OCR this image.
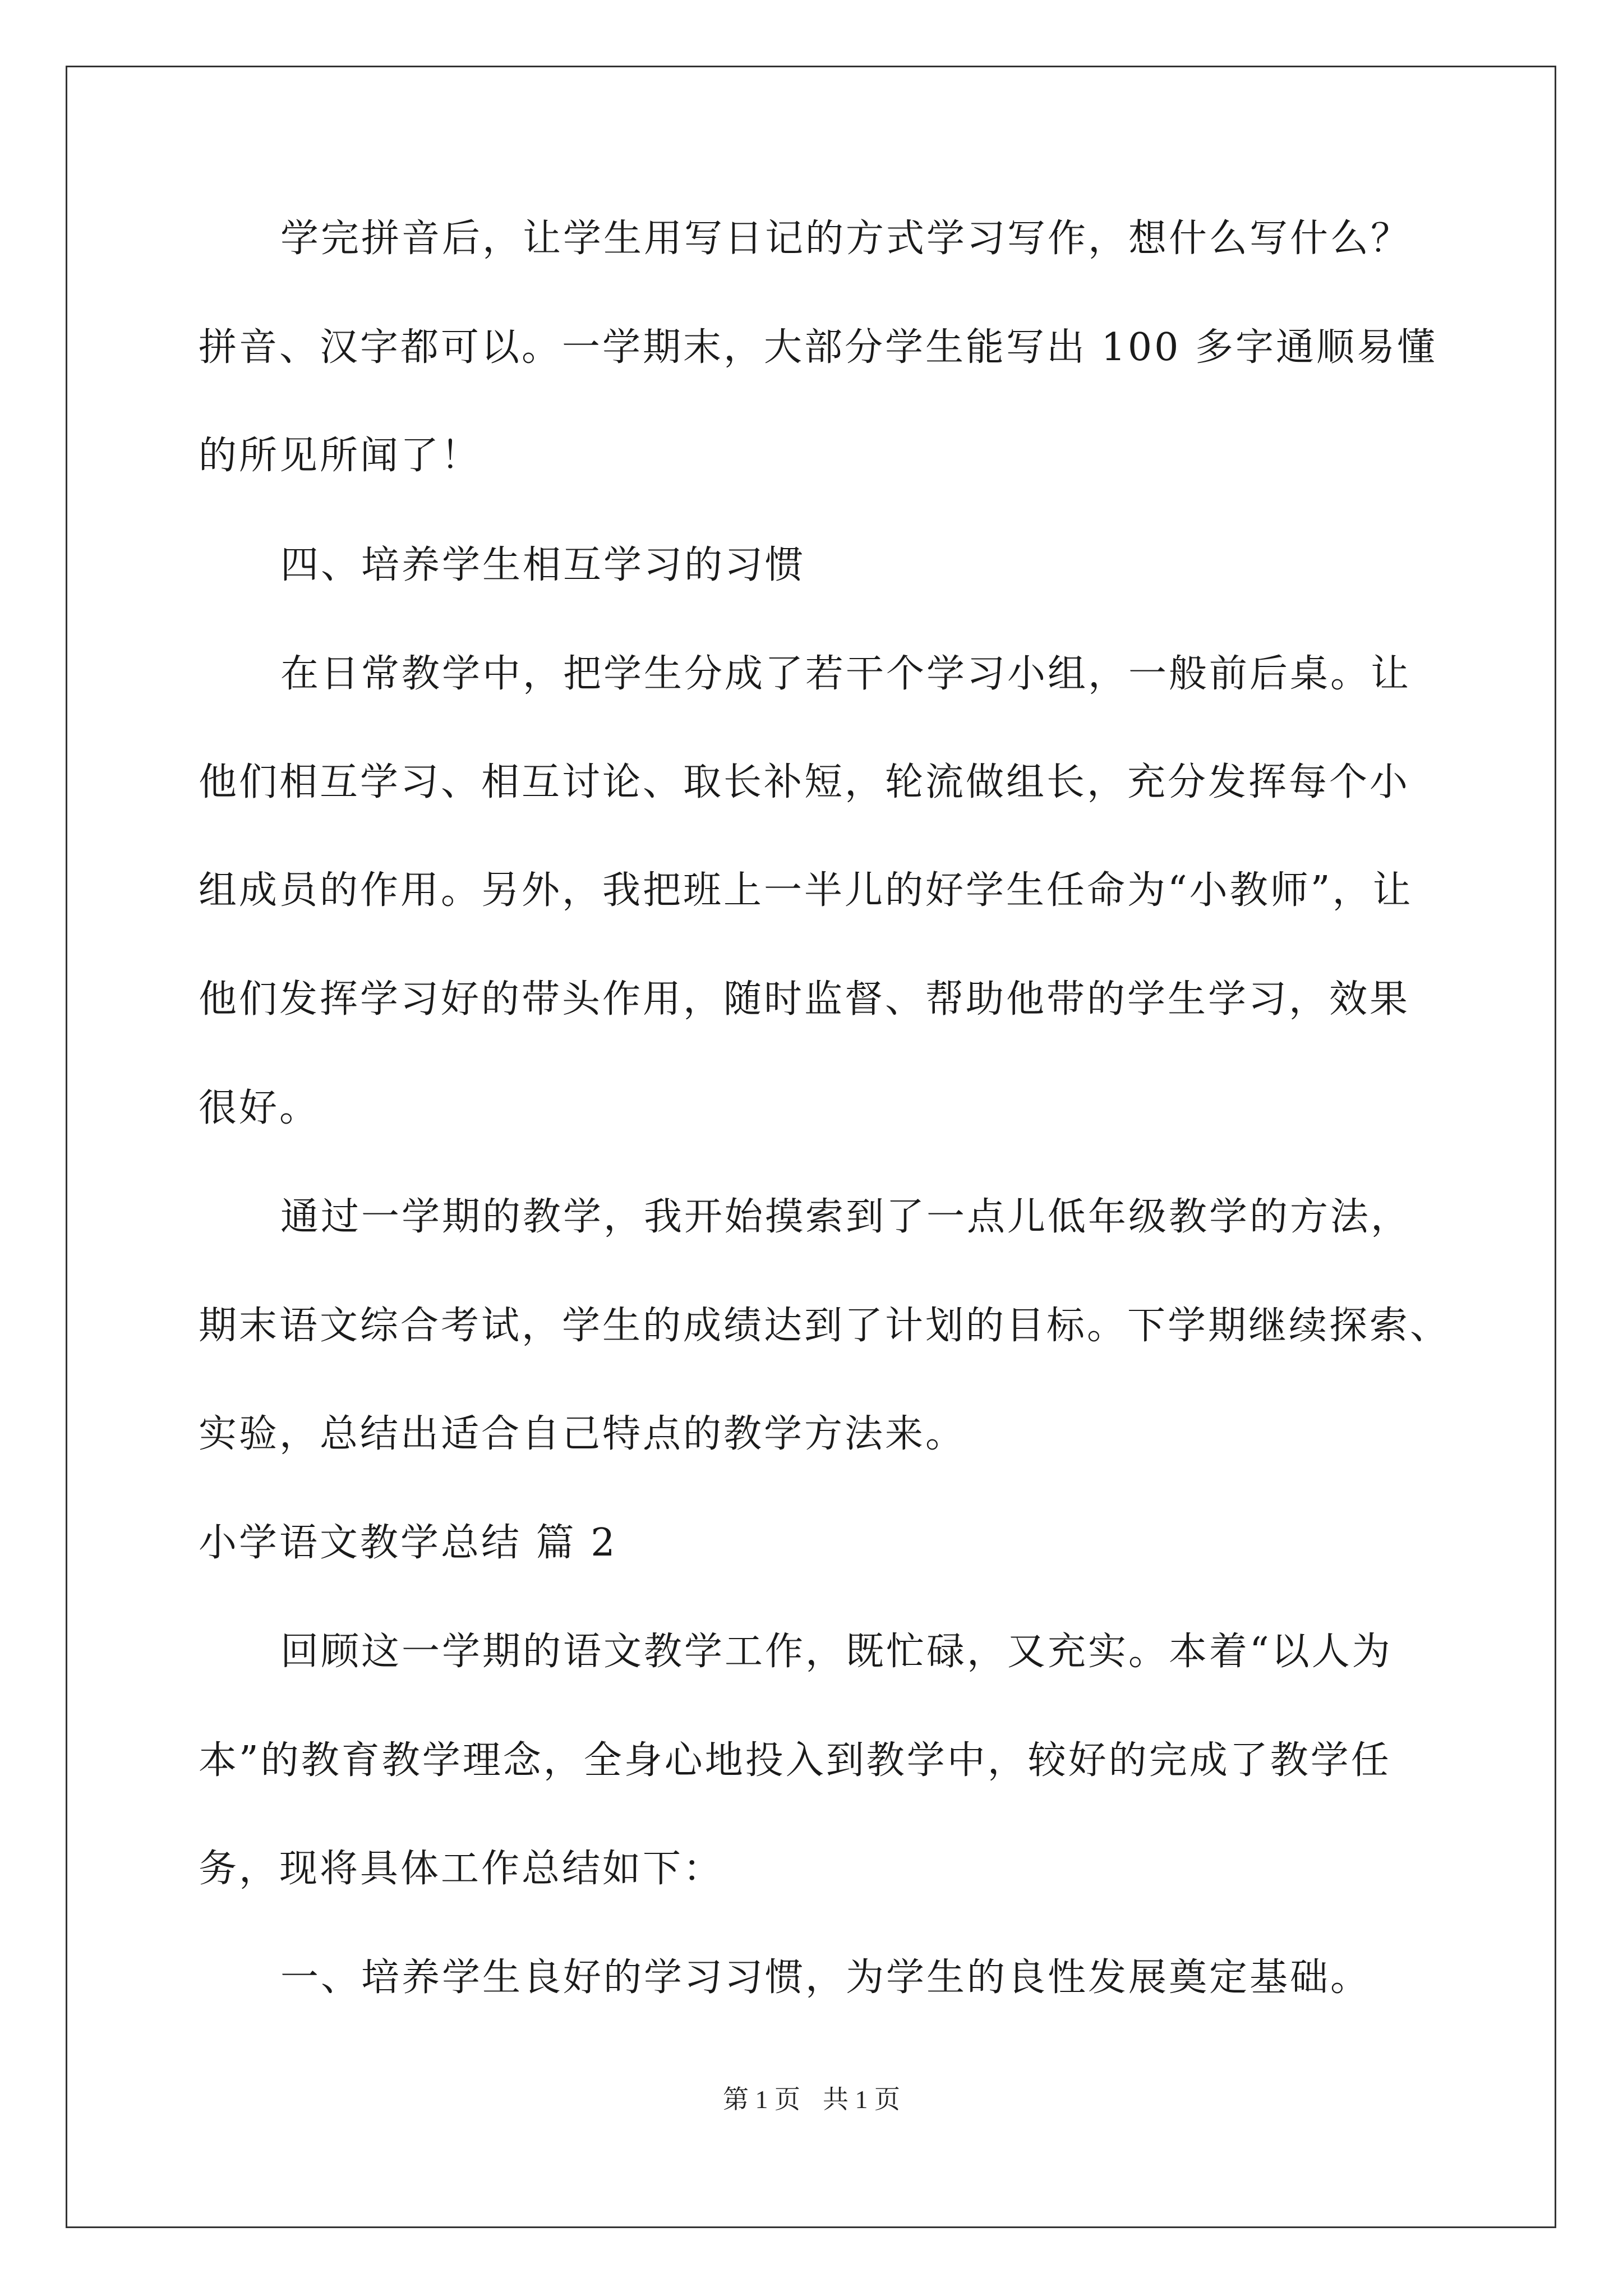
学完拼音后，让学生用写日记的方式学习写作，想什么写什么？
拼音、汉字都可以。一学期末，大部分学生能写出 100 多字通顺易懂
的所见所闻了！
四、培养学生相互学习的习惯
在日常教学中，把学生分成了若干个学习小组，一般前后桌。让
他们相互学习、相互讨论、取长补短，轮流做组长，充分发挥每个小
组成员的作用。另外，我把班上一半儿的好学生任命为“小教师”，让
他们发挥学习好的带头作用，随时监督、帮助他带的学生学习，效果
很好。
通过一学期的教学，我开始摸索到了一点儿低年级教学的方法，
期末语文综合考试，学生的成绩达到了计划的目标。下学期继续探索、
实验，总结出适合自己特点的教学方法来。
小学语文教学总结 篇 2
回顾这一学期的语文教学工作，既忙碌，又充实。本着“以人为
本”的教育教学理念，全身心地投入到教学中，较好的完成了教学任
务，现将具体工作总结如下：
一、培养学生良好的学习习惯，为学生的良性发展奠定基础。
第 1 页 共 1 页
